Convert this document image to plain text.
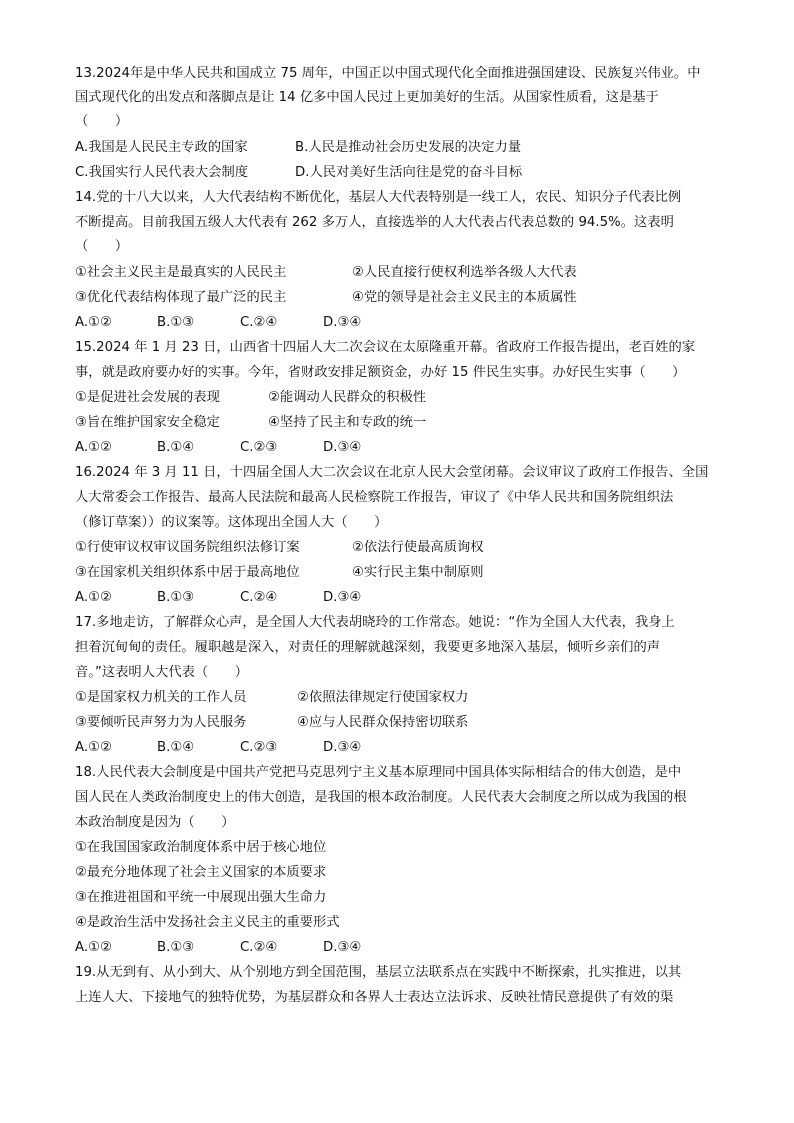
13.2024年是中华人民共和国成立 75 周年，中国正以中国式现代化全面推进强国建设、民族复兴伟业。中
国式现代化的出发点和落脚点是让 14 亿多中国人民过上更加美好的生活。从国家性质看，这是基于
（　　）
A.我国是人民民主专政的国家	B.人民是推动社会历史发展的决定力量
C.我国实行人民代表大会制度	D.人民对美好生活向往是党的奋斗目标
14.党的十八大以来，人大代表结构不断优化，基层人大代表特别是一线工人，农民、知识分子代表比例
不断提高。目前我国五级人大代表有 262 多万人，直接选举的人大代表占代表总数的 94.5%。这表明
（　　）
①社会主义民主是最真实的人民民主	②人民直接行使权利选举各级人大代表
③优化代表结构体现了最广泛的民主	④党的领导是社会主义民主的本质属性
A.①②	B.①③	C.②④	D.③④
15.2024 年 1 月 23 日，山西省十四届人大二次会议在太原隆重开幕。省政府工作报告提出，老百姓的家
事，就是政府要办好的实事。今年，省财政安排足额资金，办好 15 件民生实事。办好民生实事（　　）
①是促进社会发展的表现	②能调动人民群众的积极性
③旨在维护国家安全稳定	④坚持了民主和专政的统一
A.①②	B.①④	C.②③	D.③④
16.2024 年 3 月 11 日，十四届全国人大二次会议在北京人民大会堂闭幕。会议审议了政府工作报告、全国
人大常委会工作报告、最高人民法院和最高人民检察院工作报告，审议了《中华人民共和国务院组织法
（修订草案））的议案等。这体现出全国人大（　　）
①行使审议权审议国务院组织法修订案	②依法行使最高质询权
③在国家机关组织体系中居于最高地位	④实行民主集中制原则
A.①②	B.①③	C.②④	D.③④
17.多地走访，了解群众心声，是全国人大代表胡晓玲的工作常态。她说：“作为全国人大代表，我身上
担着沉甸甸的责任。履职越是深入，对责任的理解就越深刻，我要更多地深入基层，倾听乡亲们的声
音。”这表明人大代表（　　）
①是国家权力机关的工作人员	②依照法律规定行使国家权力
③要倾听民声努力为人民服务	④应与人民群众保持密切联系
A.①②	B.①④	C.②③	D.③④
18.人民代表大会制度是中国共产党把马克思列宁主义基本原理同中国具体实际相结合的伟大创造，是中
国人民在人类政治制度史上的伟大创造，是我国的根本政治制度。人民代表大会制度之所以成为我国的根
本政治制度是因为（　　）
①在我国国家政治制度体系中居于核心地位
②最充分地体现了社会主义国家的本质要求
③在推进祖国和平统一中展现出强大生命力
④是政治生活中发扬社会主义民主的重要形式
A.①②	B.①③	C.②④	D.③④
19.从无到有、从小到大、从个别地方到全国范围，基层立法联系点在实践中不断探索，扎实推进，以其
上连人大、下接地气的独特优势，为基层群众和各界人士表达立法诉求、反映社情民意提供了有效的渠
